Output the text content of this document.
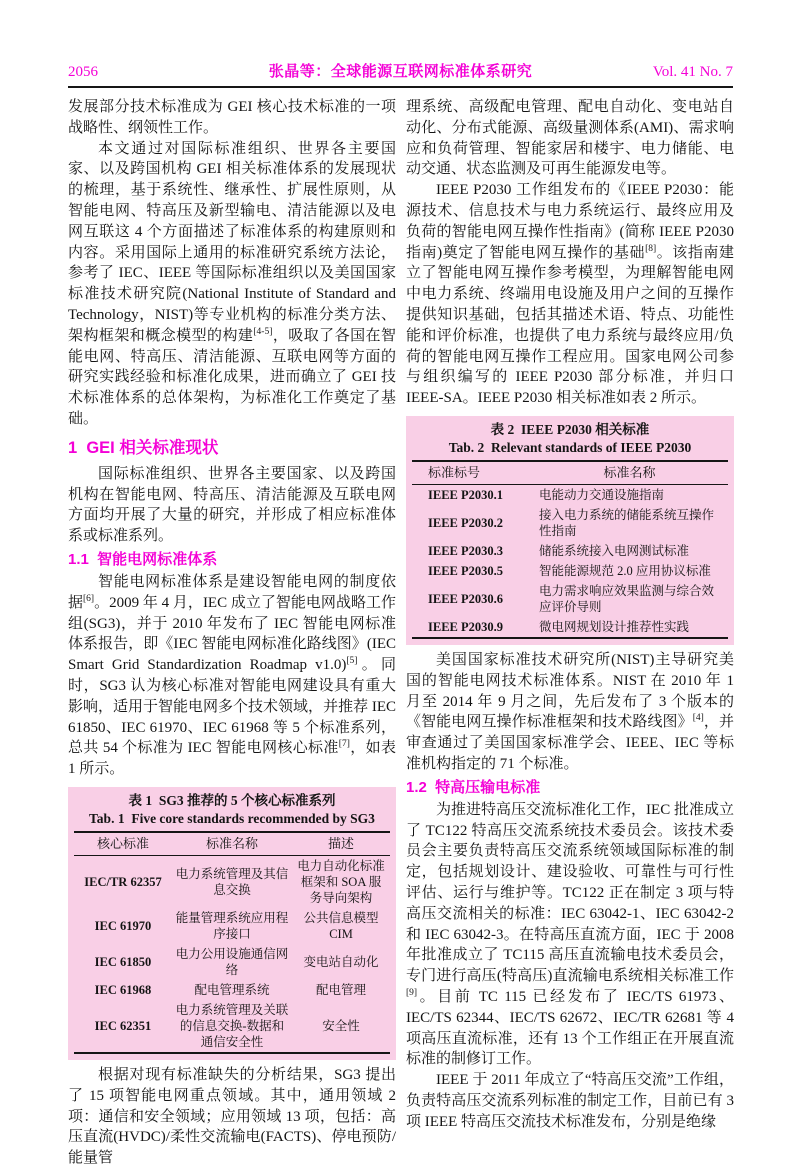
2056	张晶等：全球能源互联网标准体系研究	Vol. 41 No. 7

发展部分技术标准成为 GEI 核心技术标准的一项战略性、纲领性工作。

本文通过对国际标准组织、世界各主要国家、以及跨国机构 GEI 相关标准体系的发展现状的梳理，基于系统性、继承性、扩展性原则，从智能电网、特高压及新型输电、清洁能源以及电网互联这 4 个方面描述了标准体系的构建原则和内容。采用国际上通用的标准研究系统方法论，参考了 IEC、IEEE 等国际标准组织以及美国国家标准技术研究院(National Institute of Standard and Technology，NIST)等专业机构的标准分类方法、架构框架和概念模型的构建[4-5]，吸取了各国在智能电网、特高压、清洁能源、互联电网等方面的研究实践经验和标准化成果，进而确立了 GEI 技术标准体系的总体架构，为标准化工作奠定了基础。

1  GEI 相关标准现状

国际标准组织、世界各主要国家、以及跨国机构在智能电网、特高压、清洁能源及互联电网方面均开展了大量的研究，并形成了相应标准体系或标准系列。

1.1  智能电网标准体系

智能电网标准体系是建设智能电网的制度依据[6]。2009 年 4 月，IEC 成立了智能电网战略工作组(SG3)，并于 2010 年发布了 IEC 智能电网标准体系报告，即《IEC 智能电网标准化路线图》(IEC Smart Grid Standardization Roadmap v1.0)[5]。同时，SG3 认为核心标准对智能电网建设具有重大影响，适用于智能电网多个技术领域，并推荐 IEC 61850、IEC 61970、IEC 61968 等 5 个标准系列，总共 54 个标准为 IEC 智能电网核心标准[7]，如表 1 所示。

表 1  SG3 推荐的 5 个核心标准系列
Tab. 1  Five core standards recommended by SG3
核心标准	标准名称	描述
IEC/TR 62357	电力系统管理及其信息交换	电力自动化标准框架和 SOA 服务导向架构
IEC 61970	能量管理系统应用程序接口	公共信息模型 CIM
IEC 61850	电力公用设施通信网络	变电站自动化
IEC 61968	配电管理系统	配电管理
IEC 62351	电力系统管理及关联的信息交换-数据和通信安全性	安全性

根据对现有标准缺失的分析结果，SG3 提出了 15 项智能电网重点领域。其中，通用领域 2 项：通信和安全领域；应用领域 13 项，包括：高压直流(HVDC)/柔性交流输电(FACTS)、停电预防/能量管

理系统、高级配电管理、配电自动化、变电站自动化、分布式能源、高级量测体系(AMI)、需求响应和负荷管理、智能家居和楼宇、电力储能、电动交通、状态监测及可再生能源发电等。

IEEE P2030 工作组发布的《IEEE P2030：能源技术、信息技术与电力系统运行、最终应用及负荷的智能电网互操作性指南》(简称 IEEE P2030 指南)奠定了智能电网互操作的基础[8]。该指南建立了智能电网互操作参考模型，为理解智能电网中电力系统、终端用电设施及用户之间的互操作提供知识基础，包括其描述术语、特点、功能性能和评价标准，也提供了电力系统与最终应用/负荷的智能电网互操作工程应用。国家电网公司参与组织编写的 IEEE P2030 部分标准，并归口 IEEE-SA。IEEE P2030 相关标准如表 2 所示。

表 2  IEEE P2030 相关标准
Tab. 2  Relevant standards of IEEE P2030
标准标号	标准名称
IEEE P2030.1	电能动力交通设施指南
IEEE P2030.2	接入电力系统的储能系统互操作性指南
IEEE P2030.3	储能系统接入电网测试标准
IEEE P2030.5	智能能源规范 2.0 应用协议标准
IEEE P2030.6	电力需求响应效果监测与综合效应评价导则
IEEE P2030.9	微电网规划设计推荐性实践

美国国家标准技术研究所(NIST)主导研究美国的智能电网技术标准体系。NIST 在 2010 年 1 月至 2014 年 9 月之间，先后发布了 3 个版本的《智能电网互操作标准框架和技术路线图》[4]，并审查通过了美国国家标准学会、IEEE、IEC 等标准机构指定的 71 个标准。

1.2  特高压输电标准

为推进特高压交流标准化工作，IEC 批准成立了 TC122 特高压交流系统技术委员会。该技术委员会主要负责特高压交流系统领域国际标准的制定，包括规划设计、建设验收、可靠性与可行性评估、运行与维护等。TC122 正在制定 3 项与特高压交流相关的标准：IEC 63042-1、IEC 63042-2 和 IEC 63042-3。在特高压直流方面，IEC 于 2008 年批准成立了 TC115 高压直流输电技术委员会，专门进行高压(特高压)直流输电系统相关标准工作[9]。目前 TC 115 已经发布了 IEC/TS 61973、IEC/TS 62344、IEC/TS 62672、IEC/TR 62681 等 4 项高压直流标准，还有 13 个工作组正在开展直流标准的制修订工作。

IEEE 于 2011 年成立了“特高压交流”工作组，负责特高压交流系列标准的制定工作，目前已有 3 项 IEEE 特高压交流技术标准发布，分别是绝缘
